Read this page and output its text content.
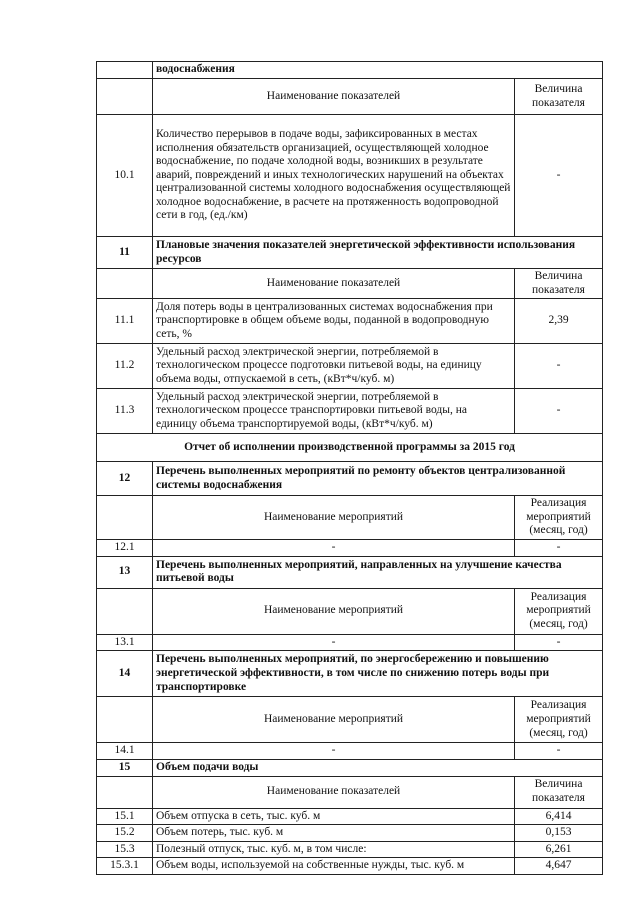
	водоснабжения	
	Наименование показателей	Величина показателя
10.1	Количество перерывов в подаче воды, зафиксированных в местах исполнения обязательств организацией, осуществляющей холодное водоснабжение, по подаче холодной воды, возникших в результате аварий, повреждений и иных технологических нарушений на объектах централизованной системы холодного водоснабжения осуществляющей холодное водоснабжение, в расчете на протяженность водопроводной сети в год, (ед./км)	-
11	Плановые значения показателей энергетической эффективности использования ресурсов	
	Наименование показателей	Величина показателя
11.1	Доля потерь воды в централизованных системах водоснабжения при транспортировке в общем объеме воды, поданной в водопроводную сеть, %	2,39
11.2	Удельный расход электрической энергии, потребляемой в технологическом процессе подготовки питьевой воды, на единицу объема воды, отпускаемой в сеть, (кВт*ч/куб. м)	-
11.3	Удельный расход электрической энергии, потребляемой в технологическом процессе транспортировки питьевой воды, на единицу объема транспортируемой воды, (кВт*ч/куб. м)	-
Отчет об исполнении производственной программы за 2015 год		
12	Перечень выполненных мероприятий по ремонту объектов централизованной системы водоснабжения	
	Наименование мероприятий	Реализация мероприятий (месяц, год)
12.1	-	-
13	Перечень выполненных мероприятий, направленных на улучшение качества питьевой воды	
	Наименование мероприятий	Реализация мероприятий (месяц, год)
13.1	-	-
14	Перечень выполненных мероприятий, по энергосбережению и повышению энергетической эффективности, в том числе по снижению потерь воды при транспортировке	
	Наименование мероприятий	Реализация мероприятий (месяц, год)
14.1	-	-
15	Объем подачи воды	
	Наименование показателей	Величина показателя
15.1	Объем отпуска в сеть, тыс. куб. м	6,414
15.2	Объем потерь, тыс. куб. м	0,153
15.3	Полезный отпуск, тыс. куб. м, в том числе:	6,261
15.3.1	Объем воды, используемой на собственные нужды, тыс. куб. м	4,647
